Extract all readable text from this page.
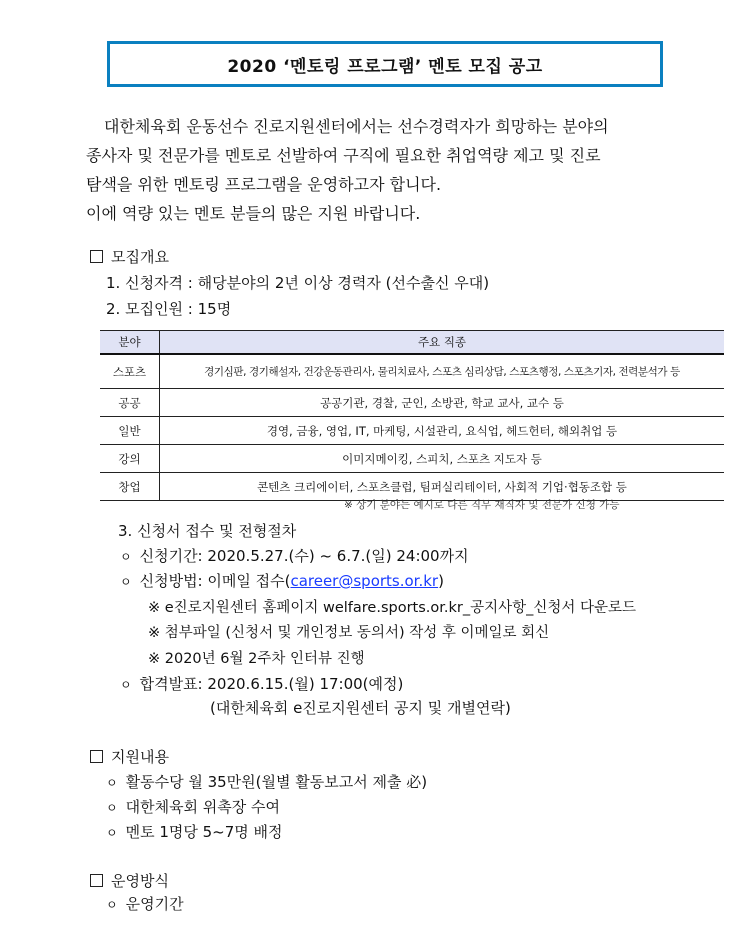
2020 ‘멘토링 프로그램’ 멘토 모집 공고
대한체육회 운동선수 진로지원센터에서는 선수경력자가 희망하는 분야의
종사자 및 전문가를 멘토로 선발하여 구직에 필요한 취업역량 제고 및 진로
탐색을 위한 멘토링 프로그램을 운영하고자 합니다.
이에 역량 있는 멘토 분들의 많은 지원 바랍니다.
모집개요
1. 신청자격 : 해당분야의 2년 이상 경력자 (선수출신 우대)
2. 모집인원 : 15명
분야	주요 직종
스포츠	경기심판, 경기해설자, 건강운동관리사, 물리치료사, 스포츠 심리상담, 스포츠행정, 스포츠기자, 전력분석가 등
공공	공공기관, 경찰, 군인, 소방관, 학교 교사, 교수 등
일반	경영, 금융, 영업, IT, 마케팅, 시설관리, 요식업, 헤드헌터, 해외취업 등
강의	이미지메이킹, 스피치, 스포츠 지도자 등
창업	콘텐츠 크리에이터, 스포츠클럽, 팀퍼실리테이터, 사회적 기업·협동조합 등
※ 상기 분야는 예시로 다른 직무 재직자 및 전문가 신청 가능
3. 신청서 접수 및 전형절차
ㅇ 신청기간: 2020.5.27.(수) ~ 6.7.(일) 24:00까지
ㅇ 신청방법: 이메일 접수(career@sports.or.kr)
※ e진로지원센터 홈페이지 welfare.sports.or.kr_공지사항_신청서 다운로드
※ 첨부파일 (신청서 및 개인정보 동의서) 작성 후 이메일로 회신
※ 2020년 6월 2주차 인터뷰 진행
ㅇ 합격발표: 2020.6.15.(월) 17:00(예정)
(대한체육회 e진로지원센터 공지 및 개별연락)
지원내용
ㅇ 활동수당 월 35만원(월별 활동보고서 제출 必)
ㅇ 대한체육회 위촉장 수여
ㅇ 멘토 1명당 5~7명 배정
운영방식
ㅇ 운영기간
